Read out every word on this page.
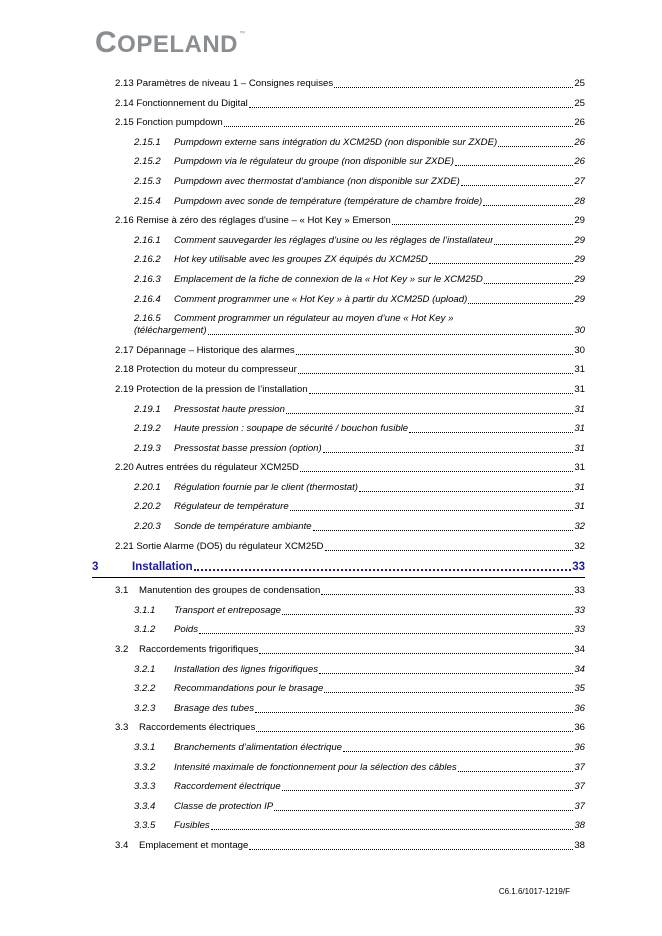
COPELAND™
2.13 Paramètres de niveau 1 – Consignes requises	25
2.14 Fonctionnement du Digital	25
2.15 Fonction pumpdown	26
2.15.1	Pumpdown externe sans intégration du XCM25D (non disponible sur ZXDE)	26
2.15.2	Pumpdown via le régulateur du groupe (non disponible sur ZXDE)	26
2.15.3	Pumpdown avec thermostat d’ambiance (non disponible sur ZXDE)	27
2.15.4	Pumpdown avec sonde de température (température de chambre froide)	28
2.16 Remise à zéro des réglages d’usine – « Hot Key » Emerson	29
2.16.1	Comment sauvegarder les réglages d’usine ou les réglages de l’installateur	29
2.16.2	Hot key utilisable avec les groupes ZX équipés du XCM25D	29
2.16.3	Emplacement de la fiche de connexion de la « Hot Key » sur le XCM25D	29
2.16.4	Comment programmer une « Hot Key » à partir du XCM25D (upload)	29
2.16.5 Comment programmer un régulateur au moyen d’une « Hot Key »
(téléchargement)	30
2.17 Dépannage – Historique des alarmes	30
2.18 Protection du moteur du compresseur	31
2.19 Protection de la pression de l’installation	31
2.19.1	Pressostat haute pression	31
2.19.2	Haute pression : soupape de sécurité / bouchon fusible	31
2.19.3	Pressostat basse pression (option)	31
2.20 Autres entrées du régulateur XCM25D	31
2.20.1	Régulation fournie par le client (thermostat)	31
2.20.2	Régulateur de température	31
2.20.3	Sonde de température ambiante	32
2.21 Sortie Alarme (DO5) du régulateur XCM25D	32
3	Installation	33
3.1	Manutention des groupes de condensation	33
3.1.1	Transport et entreposage	33
3.1.2	Poids	33
3.2	Raccordements frigorifiques	34
3.2.1	Installation des lignes frigorifiques	34
3.2.2	Recommandations pour le brasage	35
3.2.3	Brasage des tubes	36
3.3	Raccordements électriques	36
3.3.1	Branchements d’alimentation électrique	36
3.3.2	Intensité maximale de fonctionnement pour la sélection des câbles	37
3.3.3	Raccordement électrique	37
3.3.4	Classe de protection IP	37
3.3.5	Fusibles	38
3.4	Emplacement et montage	38
C6.1.6/1017-1219/F
